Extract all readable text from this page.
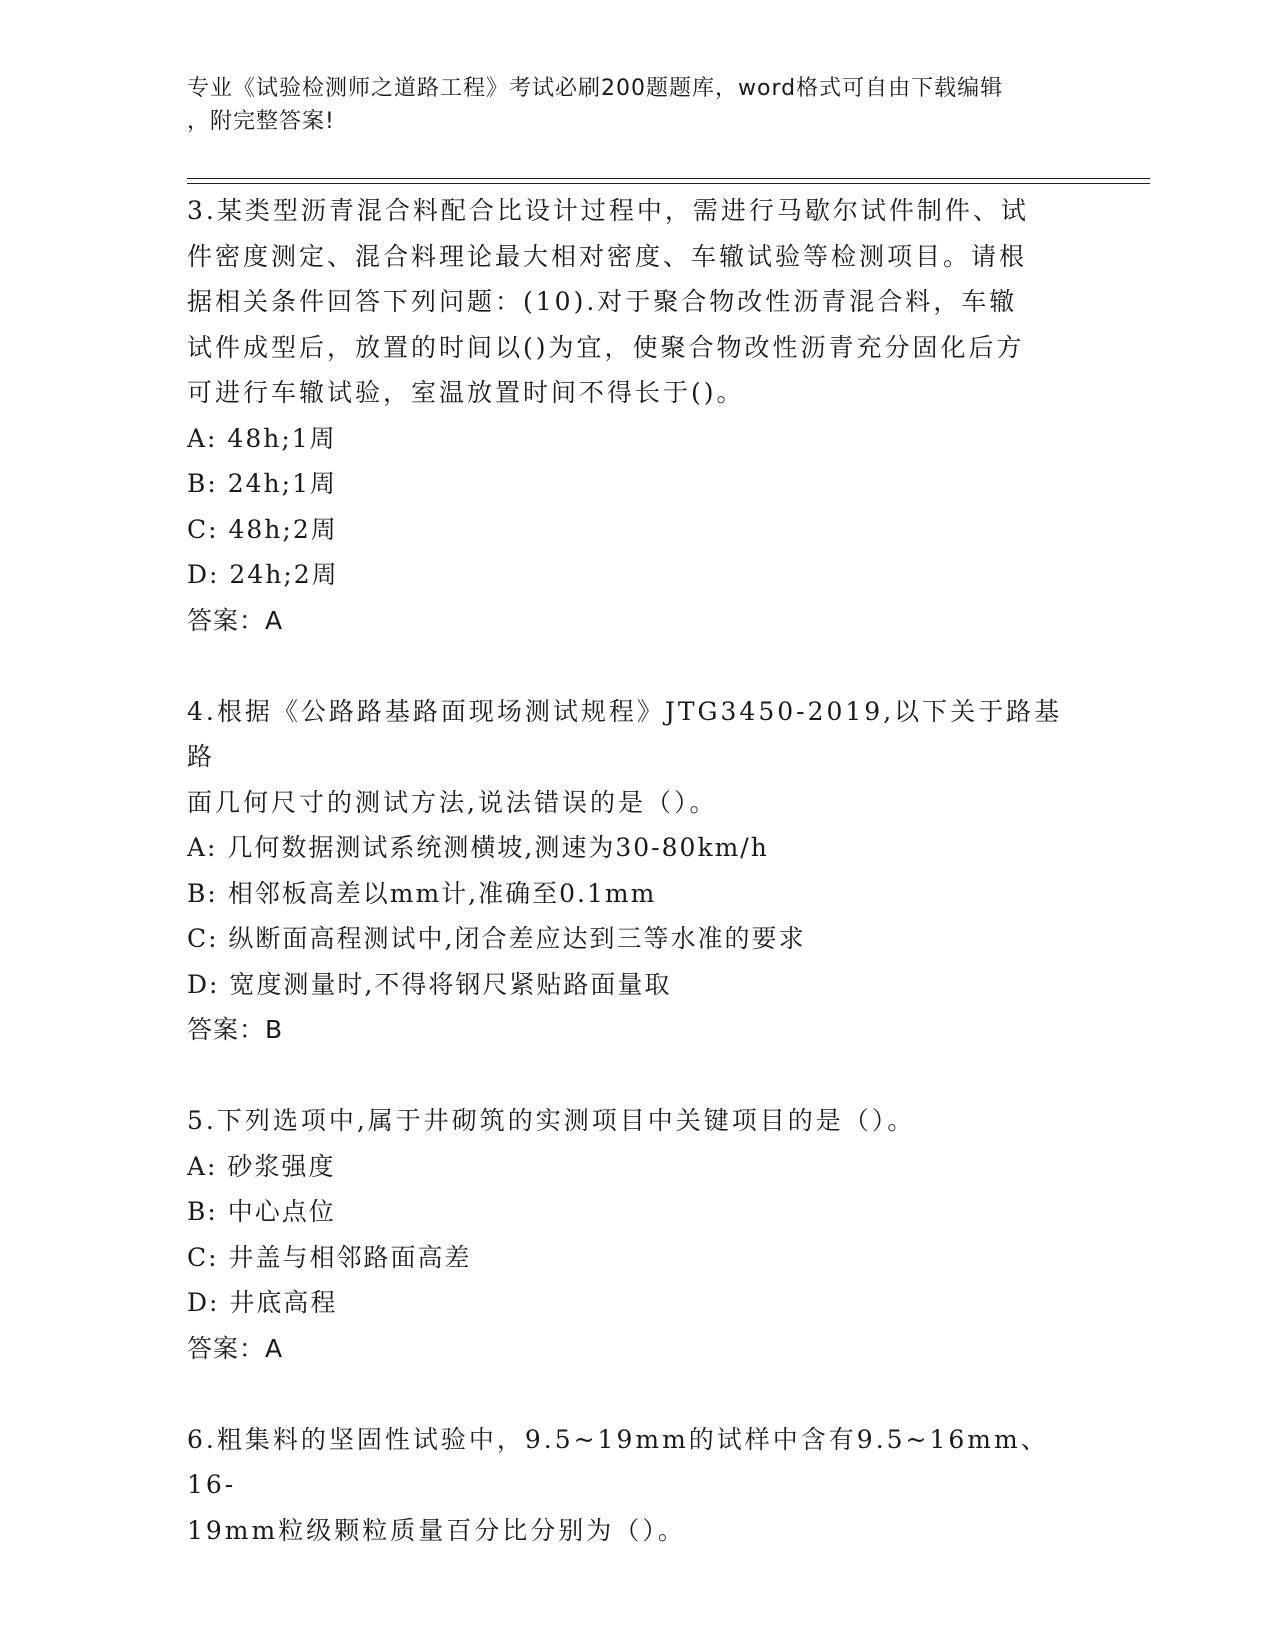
专业《试验检测师之道路工程》考试必刷200题题库，word格式可自由下载编辑
，附完整答案!
3.某类型沥青混合料配合比设计过程中，需进行马歇尔试件制件、试
件密度测定、混合料理论最大相对密度、车辙试验等检测项目。请根
据相关条件回答下列问题：(10).对于聚合物改性沥青混合料，车辙
试件成型后，放置的时间以()为宜，使聚合物改性沥青充分固化后方
可进行车辙试验，室温放置时间不得长于()。
A: 48h;1周
B: 24h;1周
C: 48h;2周
D: 24h;2周
答案：A
4.根据《公路路基路面现场测试规程》JTG3450-2019,以下关于路基路
面几何尺寸的测试方法,说法错误的是（）。
A: 几何数据测试系统测横坡,测速为30-80km/h
B: 相邻板高差以mm计,准确至0.1mm
C: 纵断面高程测试中,闭合差应达到三等水准的要求
D: 宽度测量时,不得将钢尺紧贴路面量取
答案：B
5.下列选项中,属于井砌筑的实测项目中关键项目的是（）。
A: 砂浆强度
B: 中心点位
C: 井盖与相邻路面高差
D: 井底高程
答案：A
6.粗集料的坚固性试验中，9.5~19mm的试样中含有9.5~16mm、16-
19mm粒级颗粒质量百分比分别为（）。
